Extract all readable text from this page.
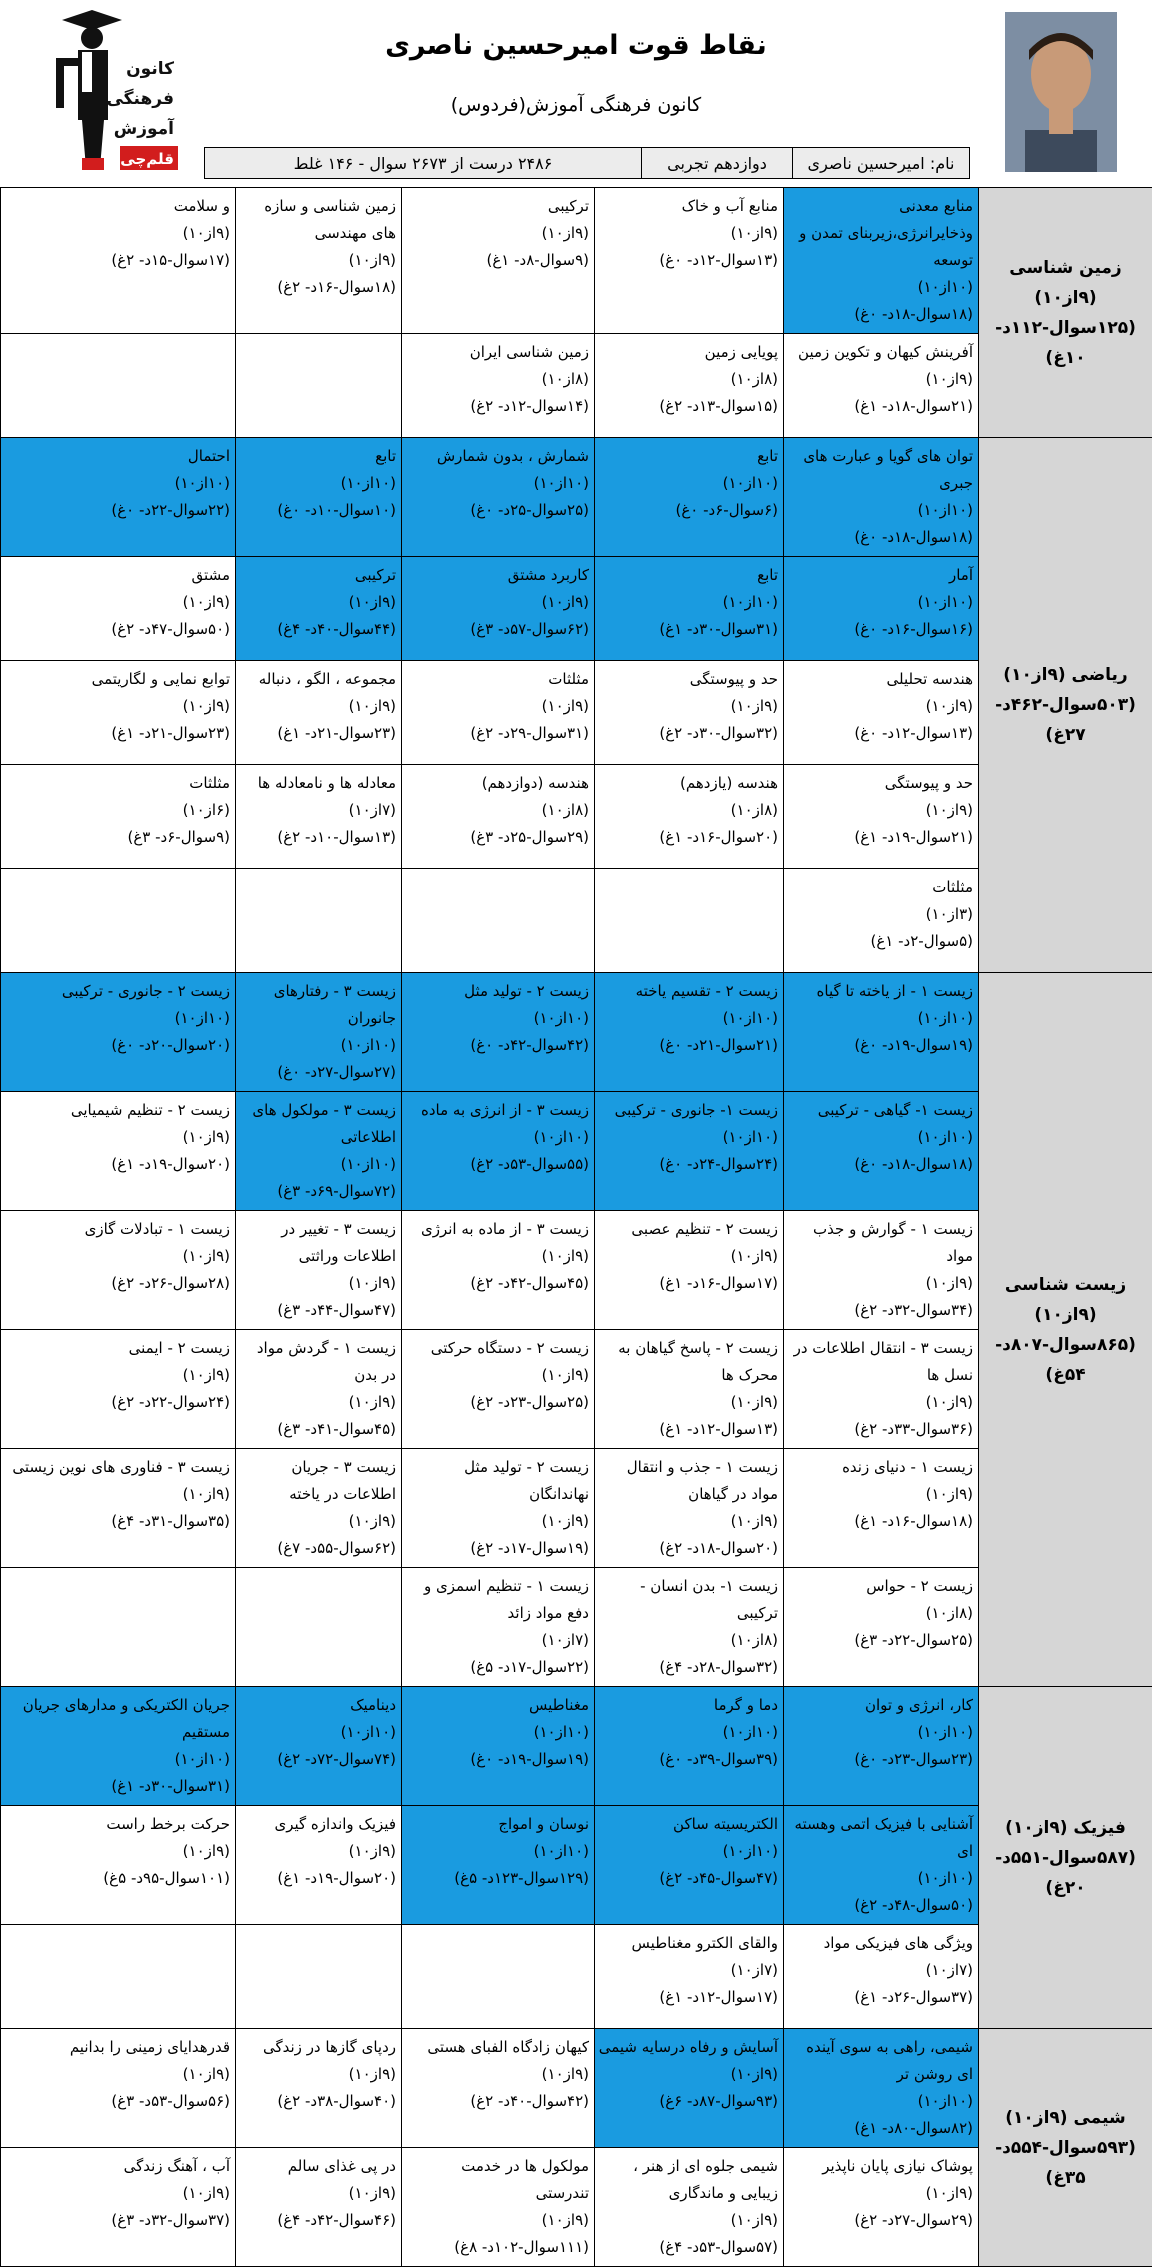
کانون
فرهنگی
آموزش
قلم‌چی
نقاط قوت امیرحسین ناصری
کانون فرهنگی آموزش(فردوس)
نام: امیرحسین ناصری
دوازدهم تجربی
۲۴۸۶ درست از ۲۶۷۳ سوال - ۱۴۶ غلط
زمین شناسی (۹از۱۰) (۱۲۵سوال-۱۱۲د- ۱۰غ)	منابع معدنی وذخایرانرژی،زیربنای تمدن و توسعه
(۱۰از۱۰)
(۱۸سوال-۱۸د- ۰غ)	منابع آب و خاک
(۹از۱۰)
(۱۳سوال-۱۲د- ۰غ)	ترکیبی
(۹از۱۰)
(۹سوال-۸د- ۱غ)	زمین شناسی و سازه های مهندسی
(۹از۱۰)
(۱۸سوال-۱۶د- ۲غ)	و سلامت
(۹از۱۰)
(۱۷سوال-۱۵د- ۲غ)

	آفرینش کیهان و تکوین زمین
(۹از۱۰)
(۲۱سوال-۱۸د- ۱غ)	پویایی زمین
(۸از۱۰)
(۱۵سوال-۱۳د- ۲غ)	زمین شناسی ایران
(۸از۱۰)
(۱۴سوال-۱۲د- ۲غ)		

ریاضی (۹از۱۰) (۵۰۳سوال-۴۶۲د- ۲۷غ)	توان های گویا و عبارت های جبری
(۱۰از۱۰)
(۱۸سوال-۱۸د- ۰غ)	تابع
(۱۰از۱۰)
(۶سوال-۶د- ۰غ)	شمارش ، بدون شمارش
(۱۰از۱۰)
(۲۵سوال-۲۵د- ۰غ)	تابع
(۱۰از۱۰)
(۱۰سوال-۱۰د- ۰غ)	احتمال
(۱۰از۱۰)
(۲۲سوال-۲۲د- ۰غ)

	آمار
(۱۰از۱۰)
(۱۶سوال-۱۶د- ۰غ)	تابع
(۱۰از۱۰)
(۳۱سوال-۳۰د- ۱غ)	کاربرد مشتق
(۹از۱۰)
(۶۲سوال-۵۷د- ۳غ)	ترکیبی
(۹از۱۰)
(۴۴سوال-۴۰د- ۴غ)	مشتق
(۹از۱۰)
(۵۰سوال-۴۷د- ۲غ)

	هندسه تحلیلی
(۹از۱۰)
(۱۳سوال-۱۲د- ۰غ)	حد و پیوستگی
(۹از۱۰)
(۳۲سوال-۳۰د- ۲غ)	مثلثات
(۹از۱۰)
(۳۱سوال-۲۹د- ۲غ)	مجموعه ، الگو ، دنباله
(۹از۱۰)
(۲۳سوال-۲۱د- ۱غ)	توابع نمایی و لگاریتمی
(۹از۱۰)
(۲۳سوال-۲۱د- ۱غ)

	حد و پیوستگی
(۹از۱۰)
(۲۱سوال-۱۹د- ۱غ)	هندسه (یازدهم)
(۸از۱۰)
(۲۰سوال-۱۶د- ۱غ)	هندسه (دوازدهم)
(۸از۱۰)
(۲۹سوال-۲۵د- ۳غ)	معادله ها و نامعادله ها
(۷از۱۰)
(۱۳سوال-۱۰د- ۲غ)	مثلثات
(۶از۱۰)
(۹سوال-۶د- ۳غ)

	مثلثات
(۳از۱۰)
(۵سوال-۲د- ۱غ)				

زیست شناسی (۹از۱۰) (۸۶۵سوال-۸۰۷د- ۵۴غ)	زیست ۱ - از یاخته تا گیاه
(۱۰از۱۰)
(۱۹سوال-۱۹د- ۰غ)	زیست ۲ - تقسیم یاخته
(۱۰از۱۰)
(۲۱سوال-۲۱د- ۰غ)	زیست ۲ - تولید مثل
(۱۰از۱۰)
(۴۲سوال-۴۲د- ۰غ)	زیست ۳ - رفتارهای جانوران
(۱۰از۱۰)
(۲۷سوال-۲۷د- ۰غ)	زیست ۲ - جانوری - ترکیبی
(۱۰از۱۰)
(۲۰سوال-۲۰د- ۰غ)

	زیست ۱- گیاهی - ترکیبی
(۱۰از۱۰)
(۱۸سوال-۱۸د- ۰غ)	زیست ۱- جانوری - ترکیبی
(۱۰از۱۰)
(۲۴سوال-۲۴د- ۰غ)	زیست ۳ - از انرژی به ماده
(۱۰از۱۰)
(۵۵سوال-۵۳د- ۲غ)	زیست ۳ - مولکول های اطلاعاتی
(۱۰از۱۰)
(۷۲سوال-۶۹د- ۳غ)	زیست ۲ - تنظیم شیمیایی
(۹از۱۰)
(۲۰سوال-۱۹د- ۱غ)

	زیست ۱ - گوارش و جذب مواد
(۹از۱۰)
(۳۴سوال-۳۲د- ۲غ)	زیست ۲ - تنظیم عصبی
(۹از۱۰)
(۱۷سوال-۱۶د- ۱غ)	زیست ۳ - از ماده به انرژی
(۹از۱۰)
(۴۵سوال-۴۲د- ۲غ)	زیست ۳ - تغییر در اطلاعات وراثتی
(۹از۱۰)
(۴۷سوال-۴۴د- ۳غ)	زیست ۱ - تبادلات گازی
(۹از۱۰)
(۲۸سوال-۲۶د- ۲غ)

	زیست ۳ - انتقال اطلاعات در نسل ها
(۹از۱۰)
(۳۶سوال-۳۳د- ۲غ)	زیست ۲ - پاسخ گیاهان به محرک ها
(۹از۱۰)
(۱۳سوال-۱۲د- ۱غ)	زیست ۲ - دستگاه حرکتی
(۹از۱۰)
(۲۵سوال-۲۳د- ۲غ)	زیست ۱ - گردش مواد در بدن
(۹از۱۰)
(۴۵سوال-۴۱د- ۳غ)	زیست ۲ - ایمنی
(۹از۱۰)
(۲۴سوال-۲۲د- ۲غ)

	زیست ۱ - دنیای زنده
(۹از۱۰)
(۱۸سوال-۱۶د- ۱غ)	زیست ۱ - جذب و انتقال مواد در گیاهان
(۹از۱۰)
(۲۰سوال-۱۸د- ۲غ)	زیست ۲ - تولید مثل نهاندانگان
(۹از۱۰)
(۱۹سوال-۱۷د- ۲غ)	زیست ۳ - جریان اطلاعات در یاخته
(۹از۱۰)
(۶۲سوال-۵۵د- ۷غ)	زیست ۳ - فناوری های نوین زیستی
(۹از۱۰)
(۳۵سوال-۳۱د- ۴غ)

	زیست ۲ - حواس
(۸از۱۰)
(۲۵سوال-۲۲د- ۳غ)	زیست ۱- بدن انسان - ترکیبی
(۸از۱۰)
(۳۲سوال-۲۸د- ۴غ)	زیست ۱ - تنظیم اسمزی و دفع مواد زائد
(۷از۱۰)
(۲۲سوال-۱۷د- ۵غ)		

فیزیک (۹از۱۰) (۵۸۷سوال-۵۵۱د- ۲۰غ)	کار، انرژی و توان
(۱۰از۱۰)
(۲۳سوال-۲۳د- ۰غ)	دما و گرما
(۱۰از۱۰)
(۳۹سوال-۳۹د- ۰غ)	مغناطیس
(۱۰از۱۰)
(۱۹سوال-۱۹د- ۰غ)	دینامیک
(۱۰از۱۰)
(۷۴سوال-۷۲د- ۲غ)	جریان الکتریکی و مدارهای جریان مستقیم
(۱۰از۱۰)
(۳۱سوال-۳۰د- ۱غ)

	آشنایی با فیزیک اتمی وهسته ای
(۱۰از۱۰)
(۵۰سوال-۴۸د- ۲غ)	الکتریسیته ساکن
(۱۰از۱۰)
(۴۷سوال-۴۵د- ۲غ)	نوسان و امواج
(۱۰از۱۰)
(۱۲۹سوال-۱۲۳د- ۵غ)	فیزیک واندازه گیری
(۹از۱۰)
(۲۰سوال-۱۹د- ۱غ)	حرکت برخط راست
(۹از۱۰)
(۱۰۱سوال-۹۵د- ۵غ)

	ویژگی های فیزیکی مواد
(۷از۱۰)
(۳۷سوال-۲۶د- ۱غ)	والقای الکترو مغناطیس
(۷از۱۰)
(۱۷سوال-۱۲د- ۱غ)			

شیمی (۹از۱۰) (۵۹۳سوال-۵۵۴د- ۳۵غ)	شیمی، راهی به سوی آینده ای روشن تر
(۱۰از۱۰)
(۸۲سوال-۸۰د- ۱غ)	آسایش و رفاه درسایه شیمی
(۹از۱۰)
(۹۳سوال-۸۷د- ۶غ)	کیهان زادگاه الفبای هستی
(۹از۱۰)
(۴۲سوال-۴۰د- ۲غ)	ردپای گازها در زندگی
(۹از۱۰)
(۴۰سوال-۳۸د- ۲غ)	قدرهدایای زمینی را بدانیم
(۹از۱۰)
(۵۶سوال-۵۳د- ۳غ)

	پوشاک نیازی پایان ناپذیر
(۹از۱۰)
(۲۹سوال-۲۷د- ۲غ)	شیمی جلوه ای از هنر ، زیبایی و ماندگاری
(۹از۱۰)
(۵۷سوال-۵۳د- ۴غ)	مولکول ها در خدمت تندرستی
(۹از۱۰)
(۱۱۱سوال-۱۰۲د- ۸غ)	در پی غذای سالم
(۹از۱۰)
(۴۶سوال-۴۲د- ۴غ)	آب ، آهنگ زندگی
(۹از۱۰)
(۳۷سوال-۳۲د- ۳غ)
